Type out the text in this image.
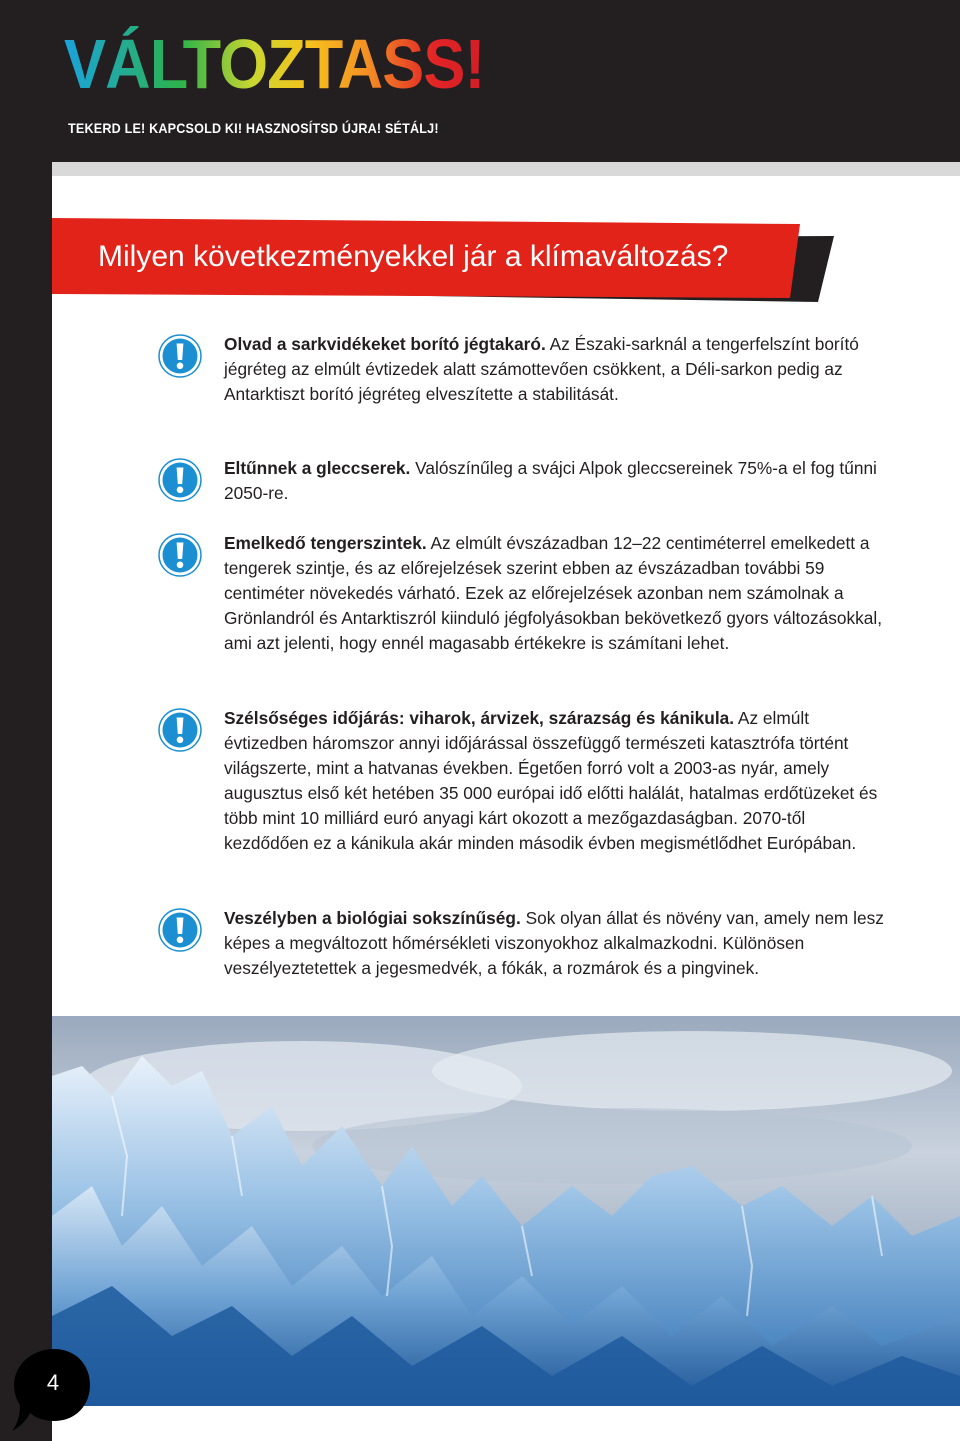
VÁLTOZTASS!

TEKERD LE! KAPCSOLD KI! HASZNOSÍTSD ÚJRA! SÉTÁLJ!

Milyen következményekkel jár a klímaváltozás?

Olvad a sarkvidékeket borító jégtakaró. Az Északi-sarknál a tengerfelszínt borító jégréteg az elmúlt évtizedek alatt számottevően csökkent, a Déli-sarkon pedig az Antarktiszt borító jégréteg elveszítette a stabilitását.

Eltűnnek a gleccserek. Valószínűleg a svájci Alpok gleccsereinek 75%-a el fog tűnni 2050-re.

Emelkedő tengerszintek. Az elmúlt évszázadban 12–22 centiméterrel emelkedett a tengerek szintje, és az előrejelzések szerint ebben az évszázadban további 59 centiméter növekedés várható. Ezek az előrejelzések azonban nem számolnak a Grönlandról és Antarktiszról kiinduló jégfolyásokban bekövetkező gyors változásokkal, ami azt jelenti, hogy ennél magasabb értékekre is számítani lehet.

Szélsőséges időjárás: viharok, árvizek, szárazság és kánikula. Az elmúlt évtizedben háromszor annyi időjárással összefüggő természeti katasztrófa történt világszerte, mint a hatvanas években. Égetően forró volt a 2003-as nyár, amely augusztus első két hetében 35 000 európai idő előtti halálát, hatalmas erdőtüzeket és több mint 10 milliárd euró anyagi kárt okozott a mezőgazdaságban. 2070-től kezdődően ez a kánikula akár minden második évben megismétlődhet Európában.

Veszélyben a biológiai sokszínűség. Sok olyan állat és növény van, amely nem lesz képes a megváltozott hőmérsékleti viszonyokhoz alkalmazkodni. Különösen veszélyeztetettek a jegesmedvék, a fókák, a rozmárok és a pingvinek.

4
